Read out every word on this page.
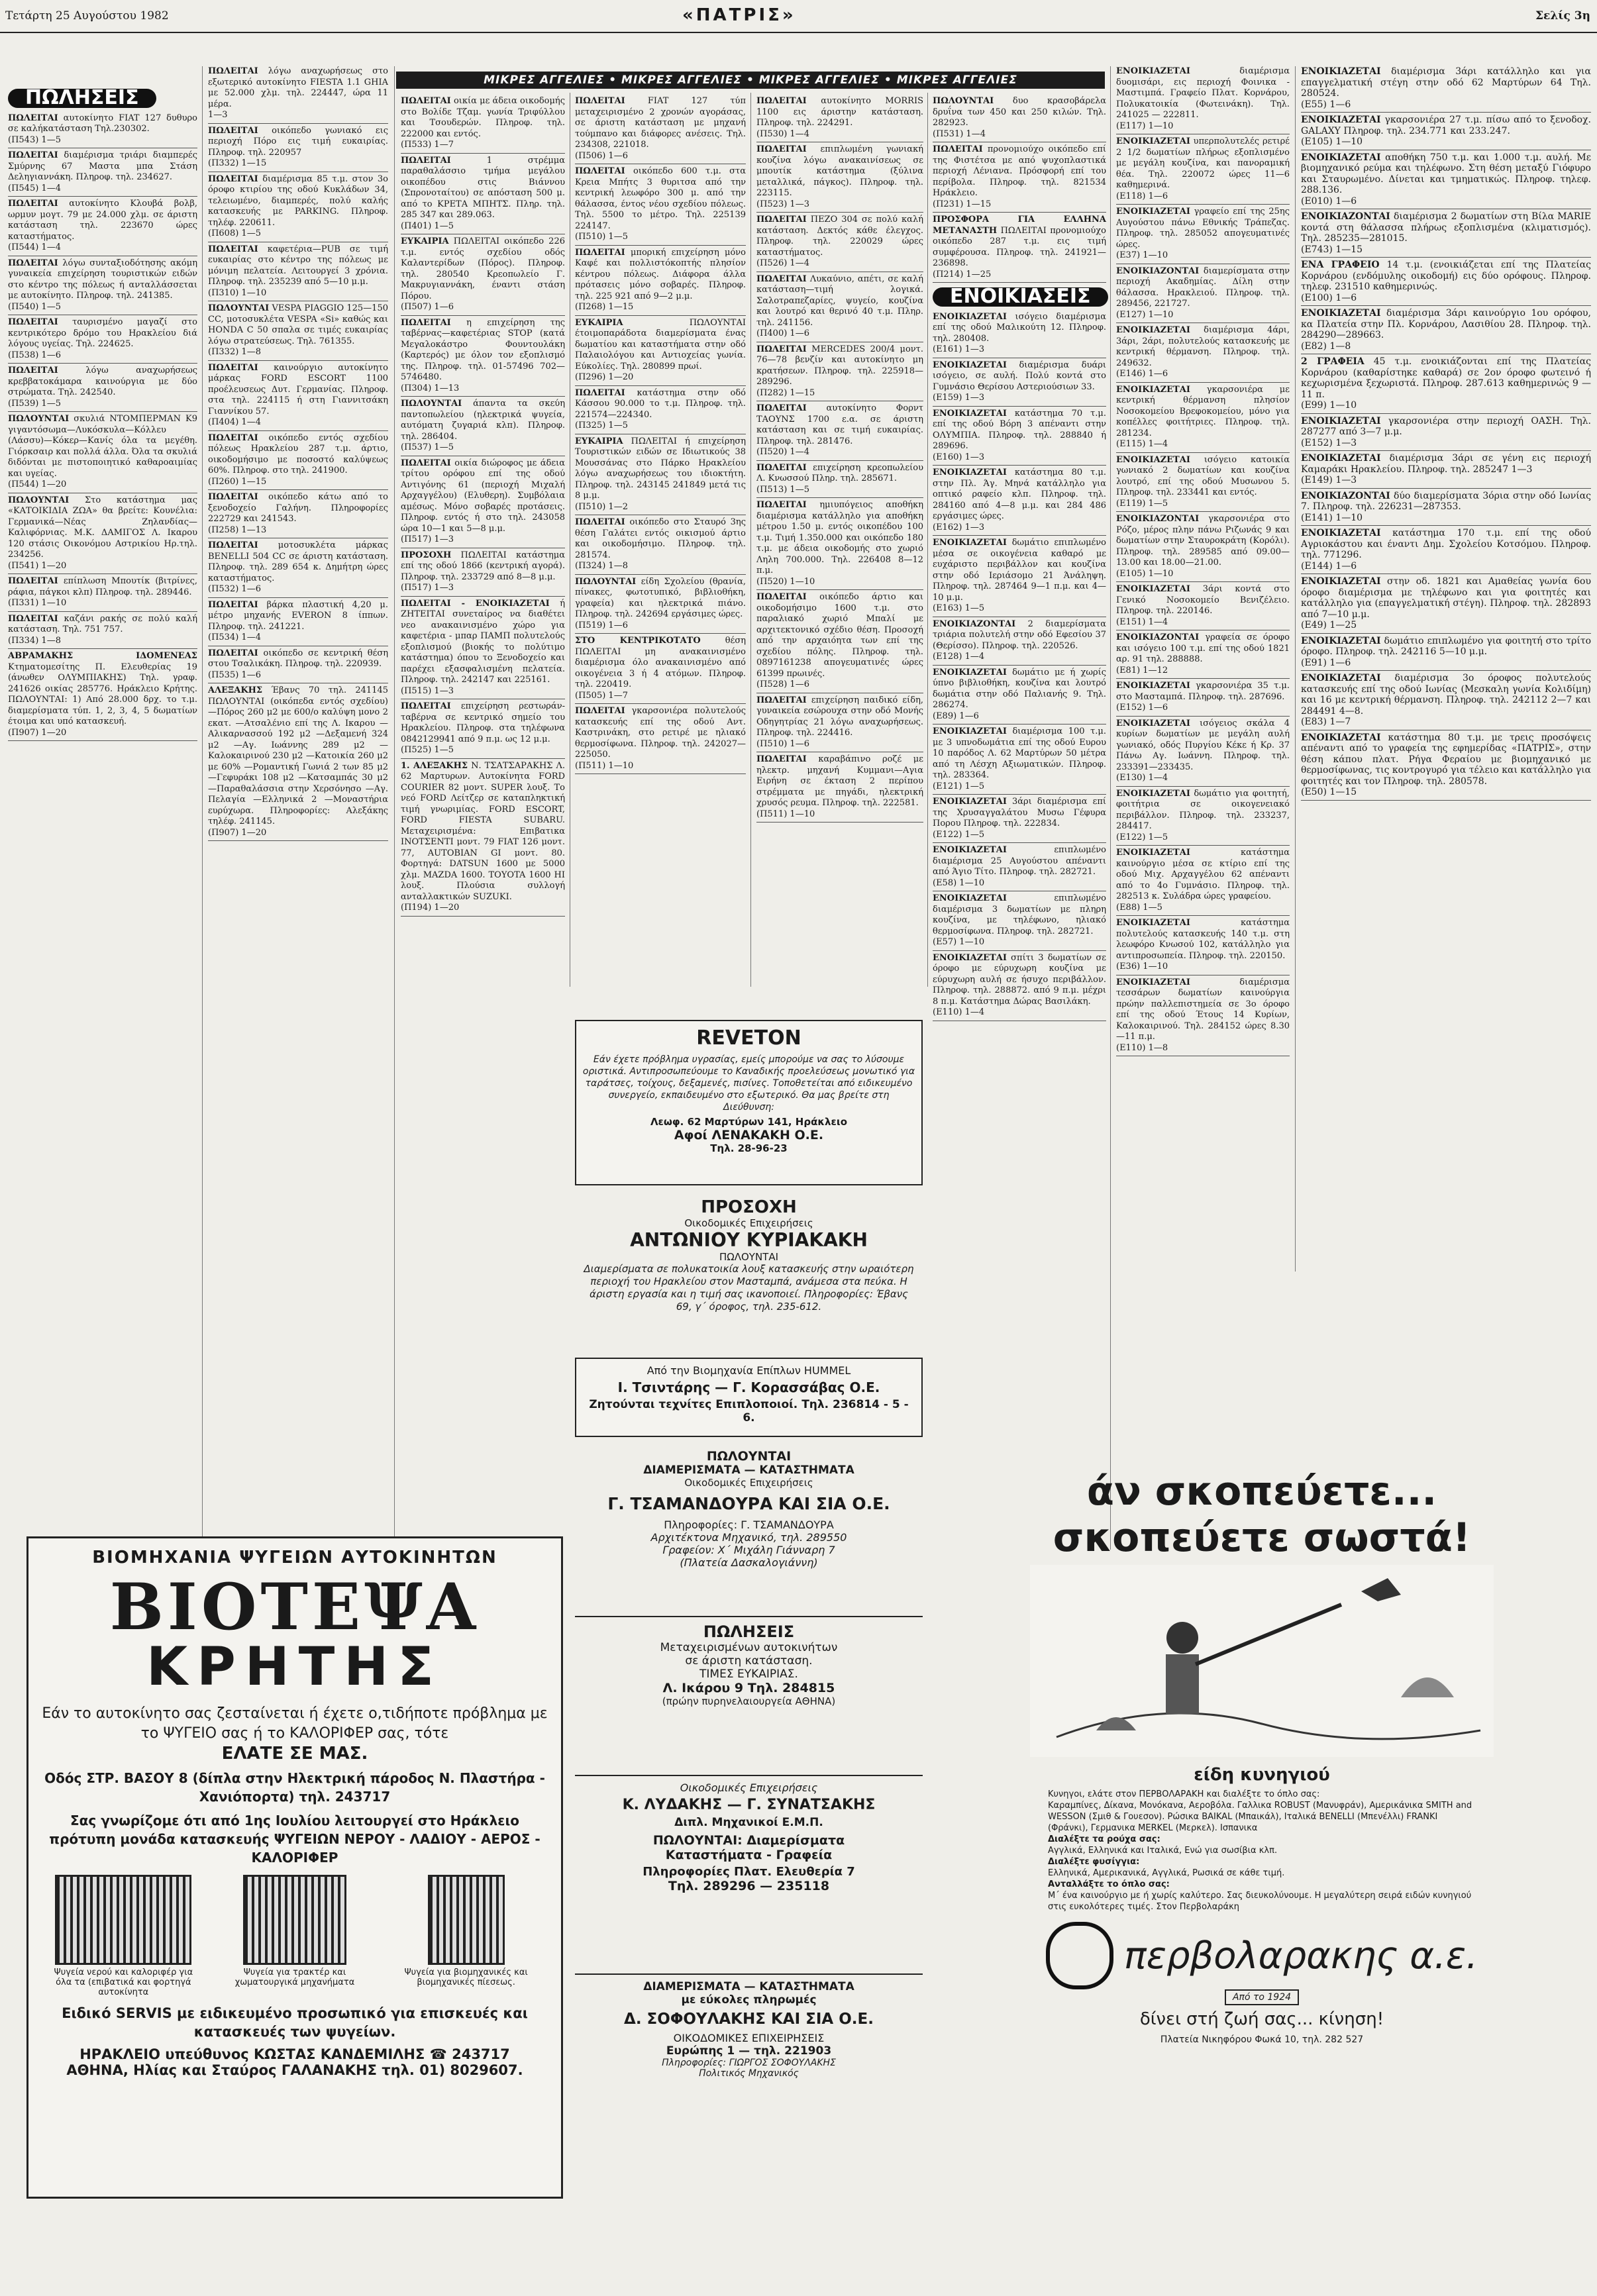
Τετάρτη 25 Αυγούστου 1982	«ΠΑΤΡΙΣ»	Σελίς 3η
ΜΙΚΡΕΣ ΑΓΓΕΛΙΕΣ • ΜΙΚΡΕΣ ΑΓΓΕΛΙΕΣ • ΜΙΚΡΕΣ ΑΓΓΕΛΙΕΣ • ΜΙΚΡΕΣ ΑΓΓΕΛΙΕΣ
ΠΩΛΗΣΕΙΣ
ΠΩΛΕΙΤΑΙ αυτοκίνητο FIAT 127 δυθυρο σε καλήκατάσταση Τηλ.230302.
(Π543) 1—5
ΠΩΛΕΙΤΑΙ διαμέρισμα τριάρι διαμπερές Σμύρνης 67 Μαστα μπα Στάση Δεληγιαννάκη. Πληροφ. τηλ. 234627.
(Π545) 1—4
ΠΩΛΕΙΤΑΙ αυτοκίνητο Κλουβά βολβ, ωρμυν μογτ. 79 με 24.000 χλμ. σε άριστη κατάσταση τηλ. 223670 ώρες καταστήματος.
(Π544) 1—4
ΠΩΛΕΙΤΑΙ λόγω συνταξιοδότησης ακόμη γυναικεία επιχείρηση τουριστικών ειδών στο κέντρο της πόλεως ή ανταλλάσσεται με αυτοκίνητο. Πληροφ. τηλ. 241385.
(Π540) 1—5
ΠΩΛΕΙΤΑΙ ταυρισμένο μαγαζί στο κεντρικότερο δρόμο του Ηρακλείου διά λόγους υγείας. Τηλ. 224625.
(Π538) 1—6
ΠΩΛΕΙΤΑΙ	λόγω αναχωρήσεως κρεββατοκάμαρα καινούργια με δύο στρώματα. Τηλ. 242540.
(Π539) 1—5
ΠΩΛΟΥΝΤΑΙ σκυλιά ΝΤΟΜΠΕΡΜΑΝ Κ9 γιγαντόσωμα—Λυκόσκυλα—Κόλλευ (Λάσσυ)—Κόκερ—Κανίς όλα τα μεγέθη. Γιόρκσαιρ και πολλά άλλα. Όλα τα σκυλιά διδόνται με πιστοποιητικό καθαροαιμίας και υγείας.
(Π544) 1—20
ΠΩΛΟΥΝΤΑΙ Στο κατάστημα μας «ΚΑΤΟΙΚΙΔΙΑ ΖΩΑ» θα βρείτε: Κουνέλια: Γερμανικά—Νέας Ζηλανδίας—Καλιφόρνιας. Μ.Κ. ΔΑΜΙΓΟΣ Λ. Ικαρου 120 στάσις Οικονόμου Αστρικίου Ηρ.τηλ. 234256.
(Π541) 1—20
ΠΩΛΕΙΤΑΙ επίπλωση Μπουτίκ (βιτρίνες, ράφια, πάγκοι κλπ) Πληροφ. τηλ. 289446.
(Π331) 1—10
ΠΩΛΕΙΤΑΙ καζάνι ρακής σε πολύ καλή κατάσταση. Τηλ. 751 757.
(Π334) 1—8
ΑΒΡΑΜΑΚΗΣ ΙΔΟΜΕΝΕΑΣ Κτηματομεσίτης Π. Ελευθερίας 19 (άνωθεν ΟΛΥΜΠΙΑΚΗΣ) Τηλ. γραφ. 241626 οικίας 285776. Ηράκλειο Κρήτης. ΠΩΛΟΥΝΤΑΙ: 1) Από 28.000 δρχ. το τ.μ. διαμερίσματα τύπ. 1, 2, 3, 4, 5 δωματίων έτοιμα και υπό κατασκευή.
(Π907) 1—20
ΠΩΛΕΙΤΑΙ λόγω αναχωρήσεως στο εξωτερικό αυτοκίνητο FIESTA 1.1 GHIA με 52.000 χλμ. τηλ. 224447, ώρα 11 μέρα.
1—3
ΠΩΛΕΙΤΑΙ οικόπεδο γωνιακό εις περιοχή Πόρο εις τιμή ευκαιρίας. Πληροφ. τηλ. 220957
(Π332) 1—15
ΠΩΛΕΙΤΑΙ διαμέρισμα 85 τ.μ. στον 3ο όροφο κτιρίου της οδού Κυκλάδων 34, τελειωμένο, διαμπερές, πολύ καλής κατασκευής με PARKING. Πληροφ. τηλέφ. 220611.
(Π608) 1—5
ΠΩΛΕΙΤΑΙ καφετέρια—PUB σε τιμή ευκαιρίας στο κέντρο της πόλεως με μόνιμη πελατεία. Λειτουργεί 3 χρόνια. Πληροφ. τηλ. 235239 από 5—10 μ.μ.
(Π310) 1—10
ΠΩΛΟΥΝΤΑΙ VESPA PIAGGIO 125—150 CC, μοτοσυκλέτα VESPA «Si» καθώς και HONDA C 50 σπαλα σε τιμές ευκαιρίας λόγω στρατεύσεως. Τηλ. 761355.
(Π332) 1—8
ΠΩΛΕΙΤΑΙ καινούργιο αυτοκίνητο μάρκας FORD ESCORT 1100 προέλευσεως Δυτ. Γερμανίας. Πληροφ. στα τηλ. 224115 ή στη Γιαννιτσάκη Γιαννίκου 57.
(Π404) 1—4
ΠΩΛΕΙΤΑΙ οικόπεδο εντός σχεδίου πόλεως Ηρακλείου 287 τ.μ. άρτιο, οικοδομήσιμο με ποσοστό καλύψεως 60%. Πληροφ. στο τηλ. 241900.
(Π260) 1—15
ΠΩΛΕΙΤΑΙ οικόπεδο κάτω από το ξενοδοχείο Γαλήνη. Πληροφορίες 222729 και 241543.
(Π258) 1—13
ΠΩΛΕΙΤΑΙ μοτοσυκλέτα μάρκας BENELLI 504 CC σε άριστη κατάσταση. Πληροφ. τηλ. 289 654 κ. Δημήτρη ώρες καταστήματος.
(Π532) 1—6
ΠΩΛΕΙΤΑΙ βάρκα πλαστική 4,20 μ. μέτρο μηχανής EVERON 8 ίππων. Πληροφ. τηλ. 241221.
(Π534) 1—4
ΠΩΛΕΙΤΑΙ οικόπεδο σε κεντρική θέση στου Τσαλικάκη. Πληροφ. τηλ. 220939.
(Π535) 1—6
ΑΛΕΞΑΚΗΣ Έβανς 70 τηλ. 241145 ΠΩΛΟΥΝΤΑΙ (οικόπεδα εντός σχεδίου) —Πόρος 260 μ2 με 600/ο καλύψη μονο 2 εκατ. —Ατσαλένιο επί της Λ. Ικαρου —Αλικαρνασσού 192 μ2 —Δεξαμενή 324 μ2 —Αγ. Ιωάννης 289 μ2 —Καλοκαιρινού 230 μ2 —Κατοικία 260 μ2 με 60% —Ρομαντική Γωνιά 2 των 85 μ2 —Γεφυράκι 108 μ2 —Κατσαμπάς 30 μ2 —Παραθαλάσσια στην Χερσόνησο —Αγ. Πελαγία —Ελληνικά 2 —Μοναστήρια ευρύχωρα. Πληροφορίες: Αλεξάκης τηλέφ. 241145.
(Π907) 1—20
ΠΩΛΕΙΤΑΙ οικία με άδεια οικοδομής στο Βολίδε Τζαμ. γωνία Τριφύλλου και Τσουδερών. Πληροφ. τηλ. 222000 και εντός.
(Π533) 1—7
ΠΩΛΕΙΤΑΙ	1 στρέμμα παραθαλάσσιο τμήμα μεγάλου οικοπέδου στις Βιάννου (Σπρονοταίτου) σε απόσταση 500 μ. από το ΚΡΕΤΑ ΜΠΗΤΣ. Πληρ. τηλ. 285 347 και 289.063.
(Π401) 1—5
ΕΥΚΑΙΡΙΑ ΠΩΛΕΙΤΑΙ οικόπεδο 226 τ.μ. εντός σχεδίου οδός Καλαντερίδων (Πόρος). Πληροφ. τηλ. 280540 Κρεοπωλείο Γ. Μακρυγιαννάκη, έναντι στάση Πόρου.
(Π507) 1—6
ΠΩΛΕΙΤΑΙ η επιχείρηση της ταβέρνας—καφετέριας STOP (κατά Μεγαλοκάστρο Φουντουλάκη (Καρτερός) με όλον τον εξοπλισμό της. Πληροφ. τηλ. 01-57496 702—5746480.
(Π304) 1—13
ΠΩΛΟΥΝΤΑΙ άπαντα τα σκεύη παντοπωλείου (ηλεκτρικά ψυγεία, αυτόματη ζυγαριά κλπ). Πληροφ. τηλ. 286404.
(Π537) 1—5
ΠΩΛΕΙΤΑΙ οικία διώροφος με άδεια τρίτου ορόφου επί της οδού Αντιγόνης 61 (περιοχή Μιχαλή Αρχαγγέλου) (Ελυθερη). Συμβόλαια αμέσως. Μόνο σοβαρές προτάσεις. Πληροφ. εντός ή στο τηλ. 243058 ώρα 10—1 και 5—8 μ.μ.
(Π517) 1—3
ΠΡΟΣΟΧΗ ΠΩΛΕΙΤΑΙ κατάστημα επί της οδού 1866 (κεντρική αγορά). Πληροφ. τηλ. 233729 από 8—8 μ.μ.
(Π517) 1—3
ΠΩΛΕΙΤΑΙ - ΕΝΟΙΚΙΑΖΕΤΑΙ ή ΖΗΤΕΙΤΑΙ συνεταίρος να διαθέτει νεο ανακαινισμένο χώρο για καφετέρια - μπαρ ΠΑΜΠ πολυτελούς εξοπλισμού (βιοκής το πολύτιμο κατάστημα) όπου το Ξενοδοχείο και παρέχει εξασφαλισμένη πελατεία. Πληροφ. τηλ. 242147 και 225161.
(Π515) 1—3
ΠΩΛΕΙΤΑΙ επιχείρηση ρεστωράν-ταβέρνα σε κεντρικό σημείο του Ηρακλείου. Πληροφ. στα τηλέφωνα 0842129941 από 9 π.μ. ως 12 μ.μ.
(Π525) 1—5
1. ΑΛΕΞΑΚΗΣ Ν. ΤΣΑΤΣΑΡΑΚΗΣ Λ. 62 Μαρτυρων. Αυτοκίνητα FORD COURIER 82 μοντ. SUPER λουξ. Το νεό FORD Λείτζερ σε καταπληκτική τιμή γνωριμίας. FORD ESCORT, FORD FIESTA SUBARU. Μεταχειρισμένα: Επιβατικα ΙΝΟΤΣΕΝΤΙ μοντ. 79 FIAT 126 μοντ. 77, AUTOBIAN GI μοντ. 80. Φορτηγά: DATSUN 1600 με 5000 χλμ. MAZDA 1600. TOYOTA 1600 HI λουξ. Πλούσια συλλογή ανταλλακτικών SUZUKI.
(Π194) 1—20
ΠΩΛΕΙΤΑΙ	FIAT 127 τύπ μεταχειρισμένο 2 χρονών αγοράσας, σε άριστη κατάσταση με μηχανή τούμπανο και διάφορες ανέσεις. Τηλ. 234308, 221018.
(Π506) 1—6
ΠΩΛΕΙΤΑΙ οικόπεδο 600 τ.μ. στα Κρεια Μπήτς 3 θυριτσα από την κεντρική λεωφόρο 300 μ. από την θάλασσα, έντος νέου σχεδίου πόλεως. Τηλ. 5500 το μέτρο. Τηλ. 225139 224147.
(Π510) 1—5
ΠΩΛΕΙΤΑΙ μπορική επιχείρηση μόνο Καφέ και πολλιστόκοπτής πλησίον κέντρου πόλεως. Διάφορα άλλα πρότασεις μόνο σοβαρές. Πληροφ. τηλ. 225 921 από 9—2 μ.μ.
(Π268) 1—15
ΕΥΚΑΙΡΙΑ	ΠΩΛΟΥΝΤΑΙ έτοιμοπαράδοτα διαμερίσματα ένας δωματίου και καταστήματα στην οδό Παλαιολόγου και Αντιοχείας γωνία. Εύκολίες. Τηλ. 280899 πρωί.
(Π296) 1—20
ΠΩΛΕΙΤΑΙ κατάστημα στην οδό Κάσσου 90.000 το τ.μ. Πληροφ. τηλ. 221574—224340.
(Π325) 1—5
ΕΥΚΑΙΡΙΑ ΠΩΛΕΙΤΑΙ ή επιχείρηση Τουριστικών ειδών σε Ιδιωτικούς 38 Μουσσάνας στο Πάρκο Ηρακλείου λόγω αναχωρήσεως του ιδιοκτήτη. Πληροφ. τηλ. 243145 241849 μετά τις 8 μ.μ.
(Π510) 1—2
ΠΩΛΕΙΤΑΙ οικόπεδο στο Σταυρό 3ης θέση Γαλάτει εντός οικισμού άρτιο και οικοδομήσιμο. Πληροφ. τηλ. 281574.
(Π324) 1—8
ΠΩΛΟΥΝΤΑΙ είδη Σχολείου (θρανία, πίνακες, φωτοτυπικό, βιβλιοθήκη, γραφεία) και ηλεκτρικά πιάνο. Πληροφ. τηλ. 242694 εργάσιμες ώρες.
(Π519) 1—6
ΣΤΟ ΚΕΝΤΡΙΚΟΤΑΤΟ	θέση ΠΩΛΕΙΤΑΙ μη ανακαινισμένο διαμέρισμα όλο ανακαινισμένο από οικογένεια 3 ή 4 ατόμων. Πληροφ. τηλ. 220419.
(Π505) 1—7
ΠΩΛΕΙΤΑΙ γκαρσονιέρα πολυτελούς κατασκευής επί της οδού Αντ. Καστρινάκη, στο ρετιρέ με ηλιακό θερμοσίφωνα. Πληροφ. τηλ. 242027—225050.
(Π511) 1—10
ΠΩΛΕΙΤΑΙ αυτοκίνητο MORRIS 1100 εις άριστην κατάσταση. Πληροφ. τηλ. 224291.
(Π530) 1—4
ΠΩΛΕΙΤΑΙ επιπλωμένη γωνιακή κουζίνα λόγω ανακαινίσεως σε μπουτίκ κατάστημα (ξύλινα μεταλλικά, πάγκος). Πληροφ. τηλ. 223115.
(Π523) 1—3
ΠΩΛΕΙΤΑΙ ΠΕΖΟ 304 σε πολύ καλή κατάσταση. Δεκτός κάθε έλεγχος. Πληροφ. τηλ. 220029 ώρες καταστήματος.
(Π526) 1—4
ΠΩΛΕΙΤΑΙ Λυκαύνιο, απέτι, σε καλή κατάσταση—τιμή λογικά. Σαλοτραπεζαρίες, ψυγείο, κουζίνα και λουτρό και θερινό 40 τ.μ. Πληρ. τηλ. 241156.
(Π400) 1—6
ΠΩΛΕΙΤΑΙ MERCEDES 200/4 μοντ. 76—78 βενζίν και αυτοκίνητο μη κρατήσεων. Πληροφ. τηλ. 225918—289296.
(Π282) 1—15
ΠΩΛΕΙΤΑΙ αυτοκίνητο Φορντ ΤΑΟΥΝΣ 1700 ε.α. σε άριστη κατάσταση και σε τιμή ευκαιρίας. Πληροφ. τηλ. 281476.
(Π520) 1—4
ΠΩΛΕΙΤΑΙ επιχείρηση κρεοπωλείου Λ. Κνωσσού Πληρ. τηλ. 285671.
(Π513) 1—5
ΠΩΛΕΙΤΑΙ ημιυπόγειος αποθήκη διαμέρισμα κατάλληλο για αποθήκη μέτρου 1.50 μ. εντός οικοπέδου 100 τ.μ. Τιμή 1.350.000 και οικόπεδο 180 τ.μ. με άδεια οικοδομής στο χωριό Ληλη 700.000. Τηλ. 226408 8—12 π.μ.
(Π520) 1—10
ΠΩΛΕΙΤΑΙ οικόπεδο άρτιο και οικοδομήσιμο 1600 τ.μ. στο παραλιακό χωριό Μπαλί με αρχιτεκτονικό σχέδιο θέση. Προσοχή από την αρχαιόητα των επί της σχεδίου πόλης. Πληροφ. τηλ. 0897161238 απογευματινές ώρες 61399 πρωινές.
(Π528) 1—6
ΠΩΛΕΙΤΑΙ επιχείρηση παιδικό είδη, γυναικεία εσώρουχα στην οδό Μονής Οδηγητρίας 21 λόγω αναχωρήσεως. Πληροφ. τηλ. 224416.
(Π510) 1—6
ΠΩΛΕΙΤΑΙ καραβάπινο ροζέ με ηλεκτρ. μηχανή Κυμμανι—Αγια Ειρήνη σε έκταση 2 περίπου στρέμματα με πηγάδι, ηλεκτρική χρυσός ρευμα. Πληροφ. τηλ. 222581.
(Π511) 1—10
ΠΩΛΟΥΝΤΑΙ δυο κρασοβάρελα δρυΐνα των 450 και 250 κιλών. Τηλ. 282923.
(Π531) 1—4
ΠΩΛΕΙΤΑΙ προνομιούχο οικόπεδο επί της Φιστέτσα με από ψυχοπλαστικά περιοχή Λένιανα. Πρόσφορή επί του περίβολα. Πληροφ. τηλ. 821534 Ηράκλειο.
(Π231) 1—15
ΠΡΟΣΦΟΡΑ ΓΙΑ ΕΛΛΗΝΑ ΜΕΤΑΝΑΣΤΗ ΠΩΛΕΙΤΑΙ προνομιούχο οικόπεδο 287 τ.μ. εις τιμή συμφέρουσα. Πληροφ. τηλ. 241921—236898.
(Π214) 1—25
ΕΝΟΙΚΙΑΣΕΙΣ
ΕΝΟΙΚΙΑΖΕΤΑΙ ισόγειο διαμέρισμα επί της οδού Μαλικούτη 12. Πληροφ. τηλ. 280408.
(Ε161) 1—3
ΕΝΟΙΚΙΑΖΕΤΑΙ διαμέρισμα δυάρι ισόγειο, σε αυλή. Πολύ κοντά στο Γυμνάσιο Θερίσου Αστεριούσιων 33.
(Ε159) 1—3
ΕΝΟΙΚΙΑΖΕΤΑΙ κατάστημα 70 τ.μ. επί της οδού Βόρη 3 απέναντι στην ΟΛΥΜΠΙΑ. Πληροφ. τηλ. 288840 ή 289696.
(Ε160) 1—3
ΕΝΟΙΚΙΑΖΕΤΑΙ κατάστημα 80 τ.μ. στην Πλ. Άγ. Μηνά κατάλληλο για οπτικό ραφείο κλπ. Πληροφ. τηλ. 284160 από 4—8 μ.μ. και 284 486 εργάσιμες ώρες.
(Ε162) 1—3
ΕΝΟΙΚΙΑΖΕΤΑΙ δωμάτιο επιπλωμένο μέσα σε οικογένεια καθαρό με ευχάριστο περιβάλλον και κουζίνα στην οδό Ιεριάσομο 21 Άνάληψη. Πληροφ. τηλ. 287464 9—1 π.μ. και 4—10 μ.μ.
(Ε163) 1—5
ΕΝΟΙΚΙΑΖΟΝΤΑΙ 2 διαμερίσματα τριάρια πολυτελή στην οδό Εφεσίου 37 (Θερίσσο). Πληροφ. τηλ. 220526.
(Ε128) 1—4
ΕΝΟΙΚΙΑΖΕΤΑΙ δωμάτιο με ή χωρίς ύπνο βιβλιοθήκη, κουζίνα και λουτρό δωμάτια στην οδό Παλιανής 9. Τηλ. 286274.
(Ε89) 1—6
ΕΝΟΙΚΙΑΖΕΤΑΙ διαμέρισμα 100 τ.μ. με 3 υπνοδωμάτια επί της οδού Ευρου 10 παρόδος Λ. 62 Μαρτύρων 50 μέτρα από τη Λέσχη Αξιωματικών. Πληροφ. τηλ. 283364.
(Ε121) 1—5
ΕΝΟΙΚΙΑΖΕΤΑΙ 3άρι διαμέρισμα επί της Χρυσαγγαλάτου Μυσω Γέφυρα Πορου Πληροφ. τηλ. 222834.
(Ε122) 1—5
ΕΝΟΙΚΙΑΖΕΤΑΙ	επιπλωμένο διαμέρισμα 25 Αυγούστου απέναντι από Άγιο Τίτο. Πληροφ. τηλ. 282721.
(Ε58) 1—10
ΕΝΟΙΚΙΑΖΕΤΑΙ	επιπλωμένο διαμέρισμα 3 δωματίων με πληρη κουζίνα, με τηλέφωνο, ηλιακό θερμοσίφωνα. Πληροφ. τηλ. 282721.
(Ε57) 1—10
ΕΝΟΙΚΙΑΖΕΤΑΙ σπίτι 3 δωματίων σε όροφο με εύρυχωρη κουζίνα με εύρυχωρη αυλή σε ήσυχο περιβάλλον. Πληροφ. τηλ. 288872. από 9 π.μ. μέχρι 8 π.μ. Κατάστημα Δώρας Βασιλάκη.
(Ε110) 1—4
ΕΝΟΙΚΙΑΖΕΤΑΙ	διαμέρισμα δυομισάρι, εις περιοχή Φοινικα - Μαστιμπά. Γραφείο Πλατ. Κορνάρου, Πολυκατοικία (Φωτεινάκη). Τηλ. 241025 — 222811.
(Ε117) 1—10
ΕΝΟΙΚΙΑΖΕΤΑΙ υπερπολυτελές ρετιρέ 2 1/2 δωματίων πλήρως εξοπλισμένο με μεγάλη κουζίνα, και πανοραμική θέα. Τηλ. 220072 ώρες 11—6 καθημερινά.
(Ε118) 1—6
ΕΝΟΙΚΙΑΖΕΤΑΙ γραφείο επί της 25ης Αυγούστου πάνω Εθνικής Τράπεζας. Πληροφ. τηλ. 285052 απογευματινές ώρες.
(Ε37) 1—10
ΕΝΟΙΚΙΑΖΟΝΤΑΙ διαμερίσματα στην περιοχή Ακαδημίας. Δίλη στην θάλασσα. Ηρακλειού. Πληροφ. τηλ. 289456, 221727.
(Ε127) 1—10
ΕΝΟΙΚΙΑΖΕΤΑΙ διαμέρισμα 4άρι, 3άρι, 2άρι, πολυτελούς κατασκευής με κεντρική θέρμανση. Πληροφ. τηλ. 249632.
(Ε146) 1—6
ΕΝΟΙΚΙΑΖΕΤΑΙ γκαρσονιέρα με κεντρική θέρμανση πλησίον Νοσοκομείου Βρεφοκομείου, μόνο για κοπέλλες φοιτήτριες. Πληροφ. τηλ. 281234.
(Ε115) 1—4
ΕΝΟΙΚΙΑΖΕΤΑΙ ισόγειο κατοικία γωνιακό 2 δωματίων και κουζίνα λουτρό, επί της οδού Μυσωνου 5. Πληροφ. τηλ. 233441 και εντός.
(Ε119) 1—5
ΕΝΟΙΚΙΑΖΟΝΤΑΙ γκαρσονιέρα στο Ρόζο, μέρος πλην πάνω Ριζωνάς 9 και δωματίων στην Σταυροκράτη (Κορόλι). Πληροφ. τηλ. 289585 από 09.00—13.00 και 18.00—21.00.
(Ε105) 1—10
ΕΝΟΙΚΙΑΖΕΤΑΙ 3άρι κοντά στο Γενικό Νοσοκομείο Βενιζέλειο. Πληροφ. τηλ. 220146.
(Ε151) 1—4
ΕΝΟΙΚΙΑΖΟΝΤΑΙ γραφεία σε όροφο και ισόγειο 100 τ.μ. επί της οδού 1821 αρ. 91 τηλ. 288888.
(Ε81) 1—12
ΕΝΟΙΚΙΑΖΕΤΑΙ γκαρσονιέρα 35 τ.μ. στο Μασταμπά. Πληροφ. τηλ. 287696.
(Ε152) 1—6
ΕΝΟΙΚΙΑΖΕΤΑΙ ισόγειος σκάλα 4 κυρίων δωματίων με μεγάλη αυλή γωνιακό, οδός Πυργίου Κέκε ή Κρ. 37 Πάνω Αγ. Ιωάννη. Πληροφ. τηλ. 233391—233435.
(Ε130) 1—4
ΕΝΟΙΚΙΑΖΕΤΑΙ δωμάτιο για φοιτητή, φοιτήτρια σε οικογενειακό περιβάλλον. Πληροφ. τηλ. 233237, 284417.
(Ε122) 1—5
ΕΝΟΙΚΙΑΖΕΤΑΙ	κατάστημα καινούργιο μέσα σε κτίριο επί της οδού Μιχ. Αρχαγγέλου 62 απέναντι από το 4ο Γυμνάσιο. Πληροφ. τηλ. 282513 κ. Συλάδρα ώρες γραφείου.
(Ε88) 1—5
ΕΝΟΙΚΙΑΖΕΤΑΙ	κατάστημα πολυτελούς κατασκευής 140 τ.μ. στη λεωφόρο Κνωσού 102, κατάλληλο για αντιπροσωπεία. Πληροφ. τηλ. 220150.
(Ε36) 1—10
ΕΝΟΙΚΙΑΖΕΤΑΙ	διαμέρισμα τεσσάρων δωματίων καινούργια πρώην παλλεπιστημεία σε 3ο όροφο επί της οδού Έτους 14 Κυρίων, Καλοκαιρινού. Τηλ. 284152 ώρες 8.30—11 π.μ.
(Ε110) 1—8
ΕΝΟΙΚΙΑΖΕΤΑΙ διαμέρισμα 3άρι κατάλληλο και για επαγγελματική στέγη στην οδό 62 Μαρτύρων 64 Τηλ. 280524.
(Ε55) 1—6
ΕΝΟΙΚΙΑΖΕΤΑΙ γκαρσονιέρα 27 τ.μ. πίσω από το ξενοδοχ. GALAXY Πληροφ. τηλ. 234.771 και 233.247.
(Ε105) 1—10
ΕΝΟΙΚΙΑΖΕΤΑΙ αποθήκη 750 τ.μ. και 1.000 τ.μ. αυλή. Με βιομηχανικό ρεύμα και τηλέφωνο. Στη θέση μεταξύ Γιόφυρο και Σταυρωμένο. Δίνεται και τμηματικώς. Πληροφ. τηλεφ. 288.136.
(Ε010) 1—6
ΕΝΟΙΚΙΑΖΟΝΤΑΙ διαμέρισμα 2 δωματίων στη Βίλα MARIE κοντά στη θάλασσα πλήρως εξοπλισμένα (κλιματισμός). Τηλ. 285235—281015.
(Ε743) 1—15
ΕΝΑ ΓΡΑΦΕΙΟ 14 τ.μ. (ενοικιάζεται επί της Πλατείας Κορνάρου (ενδόμυλης οικοδομή) εις δύο ορόφους. Πληροφ. τηλεφ. 231510 καθημερινώς.
(Ε100) 1—6
ΕΝΟΙΚΙΑΖΕΤΑΙ διαμέρισμα 3άρι καινούργιο 1ου ορόφου, κα Πλατεία στην Πλ. Κορνάρου, Λασιθίου 28. Πληροφ. τηλ. 284290—289663.
(Ε82) 1—8
2 ΓΡΑΦΕΙΑ 45 τ.μ. ενοικιάζονται επί της Πλατείας Κορνάρου (καθαρίστηκε καθαρά) σε 2ον όροφο φωτεινό ή κεχωρισμένα ξεχωριστά. Πληροφ. 287.613 καθημερινώς 9 — 11 π.
(Ε99) 1—10
ΕΝΟΙΚΙΑΖΕΤΑΙ γκαρσονιέρα στην περιοχή ΟΑΣΗ. Τηλ. 287277 από 3—7 μ.μ.
(Ε152) 1—3
ΕΝΟΙΚΙΑΖΕΤΑΙ διαμέρισμα 3άρι σε γένη εις περιοχή Καμαράκι Ηρακλείου. Πληροφ. τηλ. 285247 1—3
(Ε149) 1—3
ΕΝΟΙΚΙΑΖΟΝΤΑΙ δύο διαμερίσματα 3όρια στην οδό Ιωνίας 7. Πληροφ. τηλ. 226231—287353.
(Ε141) 1—10
ΕΝΟΙΚΙΑΖΕΤΑΙ κατάστημα 170 τ.μ. επί της οδού Αγριοκάστου και έναντι Δημ. Σχολείου Κοτσόμου. Πληροφ. τηλ. 771296.
(Ε144) 1—6
ΕΝΟΙΚΙΑΖΕΤΑΙ στην οδ. 1821 και Αμαθείας γωνία 6ου όροφο διαμέρισμα με τηλέφωνο και για φοιτητές και κατάλληλο για (επαγγελματική στέγη). Πληροφ. τηλ. 282893 από 7—10 μ.μ.
(Ε49) 1—25
ΕΝΟΙΚΙΑΖΕΤΑΙ δωμάτιο επιπλωμένο για φοιτητή στο τρίτο όροφο. Πληροφ. τηλ. 242116 5—10 μ.μ.
(Ε91) 1—6
ΕΝΟΙΚΙΑΖΕΤΑΙ διαμέρισμα 3ο όροφος πολυτελούς κατασκευής επί της οδού Ιωνίας (Μεσκαλη γωνία Κολιδίμη) και 16 με κεντρική θέρμανση. Πληροφ. τηλ. 242112 2—7 και 284491 4—8.
(Ε83) 1—7
ΕΝΟΙΚΙΑΖΕΤΑΙ κατάστημα 80 τ.μ. με τρεις προσόψεις απέναντι από το γραφεία της εφημερίδας «ΠΑΤΡΙΣ», στην θέση κάπου πλατ. Ρήγα Φεραίου με βιομηχανικό με θερμοσίφωνας, τις κοντρογυρό για τέλειο και κατάλληλο για φοιτητές και τον Πληροφ. τηλ. 280578.
(Ε50) 1—15
REVETON
Εάν έχετε πρόβλημα υγρασίας, εμείς μπορούμε να σας το λύσουμε οριστικά. Αντιπροσωπεύουμε το Καναδικής προελεύσεως μονωτικό για ταράτσες, τοίχους, δεξαμενές, πισίνες. Τοποθετείται από ειδικευμένο συνεργείο, εκπαιδευμένο στο εξωτερικό. Θα μας βρείτε στη Διεύθυνση:
Λεωφ. 62 Μαρτύρων 141, Ηράκλειο
Αφοί ΛΕΝΑΚΑΚΗ Ο.Ε.
Τηλ. 28-96-23
ΠΡΟΣΟΧΗ
Οικοδομικές Επιχειρήσεις
ΑΝΤΩΝΙΟΥ ΚΥΡΙΑΚΑΚΗ
ΠΩΛΟΥΝΤΑΙ
Διαμερίσματα σε πολυκατοικία λουξ κατασκευής στην ωραιότερη περιοχή του Ηρακλείου στον Μασταμπά, ανάμεσα στα πεύκα. Η άριστη εργασία και η τιμή σας ικανοποιεί. Πληροφορίες: Έβανς 69, γ΄ όροφος, τηλ. 235-612.
Από την Βιομηχανία Επίπλων HUMMEL
Ι. Τσιντάρης — Γ. Κορασσάβας Ο.Ε.
Ζητούνται τεχνίτες Επιπλοποιοί. Τηλ. 236814 - 5 - 6.
ΠΩΛΟΥΝΤΑΙ
ΔΙΑΜΕΡΙΣΜΑΤΑ — ΚΑΤΑΣΤΗΜΑΤΑ
Οικοδομικές Επιχειρήσεις
Γ. ΤΣΑΜΑΝΔΟΥΡΑ ΚΑΙ ΣΙΑ Ο.Ε.
Πληροφορίες: Γ. ΤΣΑΜΑΝΔΟΥΡΑ
Αρχιτέκτονα Μηχανικό, τηλ. 289550
Γραφείον: Χ΄ Μιχάλη Γιάνναρη 7
(Πλατεία Δασκαλογιάννη)
ΠΩΛΗΣΕΙΣ
Μεταχειρισμένων αυτοκινήτων
σε άριστη κατάσταση.
ΤΙΜΕΣ ΕΥΚΑΙΡΙΑΣ.
Λ. Ικάρου 9 Τηλ. 284815
(πρώην πυρηνελαιουργεία ΑΘΗΝΑ)
Οικοδομικές Επιχειρήσεις
Κ. ΛΥΔΑΚΗΣ — Γ. ΣΥΝΑΤΣΑΚΗΣ
Διπλ. Μηχανικοί Ε.Μ.Π.
ΠΩΛΟΥΝΤΑΙ: Διαμερίσματα
Καταστήματα - Γραφεία
Πληροφορίες Πλατ. Ελευθερία 7
Τηλ. 289296 — 235118
ΔΙΑΜΕΡΙΣΜΑΤΑ — ΚΑΤΑΣΤΗΜΑΤΑ
με εύκολες πληρωμές
Δ. ΣΟΦΟΥΛΑΚΗΣ ΚΑΙ ΣΙΑ Ο.Ε.
ΟΙΚΟΔΟΜΙΚΕΣ ΕΠΙΧΕΙΡΗΣΕΙΣ
Ευρώπης 1 — τηλ. 221903
Πληροφορίες: ΓΙΩΡΓΟΣ ΣΟΦΟΥΛΑΚΗΣ
Πολιτικός Μηχανικός
ΒΙΟΜΗΧΑΝΙΑ ΨΥΓΕΙΩΝ ΑΥΤΟΚΙΝΗΤΩΝ
ΒΙΟΤΕΨΑ
ΚΡΗΤΗΣ
Εάν το αυτοκίνητο σας ζεσταίνεται ή έχετε ο,τιδήποτε πρόβλημα με το ΨΥΓΕΙΟ σας ή το ΚΑΛΟΡΙΦΕΡ σας, τότε
ΕΛΑΤΕ ΣΕ ΜΑΣ.
Οδός ΣΤΡ. ΒΑΣΟΥ 8 (δίπλα στην Ηλεκτρική πάροδος Ν. Πλαστήρα - Χανιόπορτα) τηλ. 243717
Σας γνωρίζομε ότι από 1ης Ιουλίου λειτουργεί στο Ηράκλειο πρότυπη μονάδα κατασκευής ΨΥΓΕΙΩΝ ΝΕΡΟΥ - ΛΑΔΙΟΥ - ΑΕΡΟΣ - ΚΑΛΟΡΙΦΕΡ
Ψυγεία νερού και καλοριφέρ για όλα τα (επιβατικά και φορτηγά αυτοκίνητα
Ψυγεία για τρακτέρ και χωματουργικά μηχανήματα
Ψυγεία για βιομηχανικές και βιομηχανικές πίεσεως.
Ειδικό SERVIS με ειδικευμένο προσωπικό για επισκευές και κατασκευές των ψυγείων.
ΗΡΑΚΛΕΙΟ υπεύθυνος ΚΩΣΤΑΣ ΚΑΝΔΕΜΙΛΗΣ ☎ 243717
ΑΘΗΝΑ, Ηλίας και Σταύρος ΓΑΛΑΝΑΚΗΣ τηλ. 01) 8029607.
άν σκοπεύετε...
σκοπεύετε σωστά!
είδη κυνηγιού
Κυνηγοι, ελάτε στον ΠΕΡΒΟΛΑΡΑΚΗ και διαλέξτε το όπλο σας:
Καραμπίνες, Δίκανα, Μονόκανα, Αεροβόλα. Γαλλικα ROBUST (Μανυφράν), Αμερικάνικα SMITH and WESSON (Σμιθ & Γουεσον). Ρώσικα BAIKAL (Μπαικάλ), Ιταλικά BENELLI (Μπενέλλι) FRANKI (Φράνκι), Γερμανικα MERKEL (Μερκελ). Ισπανικα
Διαλέξτε τα ρούχα σας:
Αγγλικά, Ελληνικά και Ιταλικά, Ενώ για σωσίβια κλπ.
Διαλέξτε φυσίγγια:
Ελληνικά, Αμερικανικά, Αγγλικά, Ρωσικά σε κάθε τιμή.
Ανταλλάξτε το όπλο σας:
Μ΄ ένα καινούργιο με ή χωρίς καλύτερο. Σας διευκολύνουμε. Η μεγαλύτερη σειρά ειδών κυνηγιού στις ευκολότερες τιμές. Στον Περβολαράκη
περβολαρακης α.ε.
Από το 1924
δίνει στή ζωή σας... κίνηση!
Πλατεία Νικηφόρου Φωκά 10, τηλ. 282 527
